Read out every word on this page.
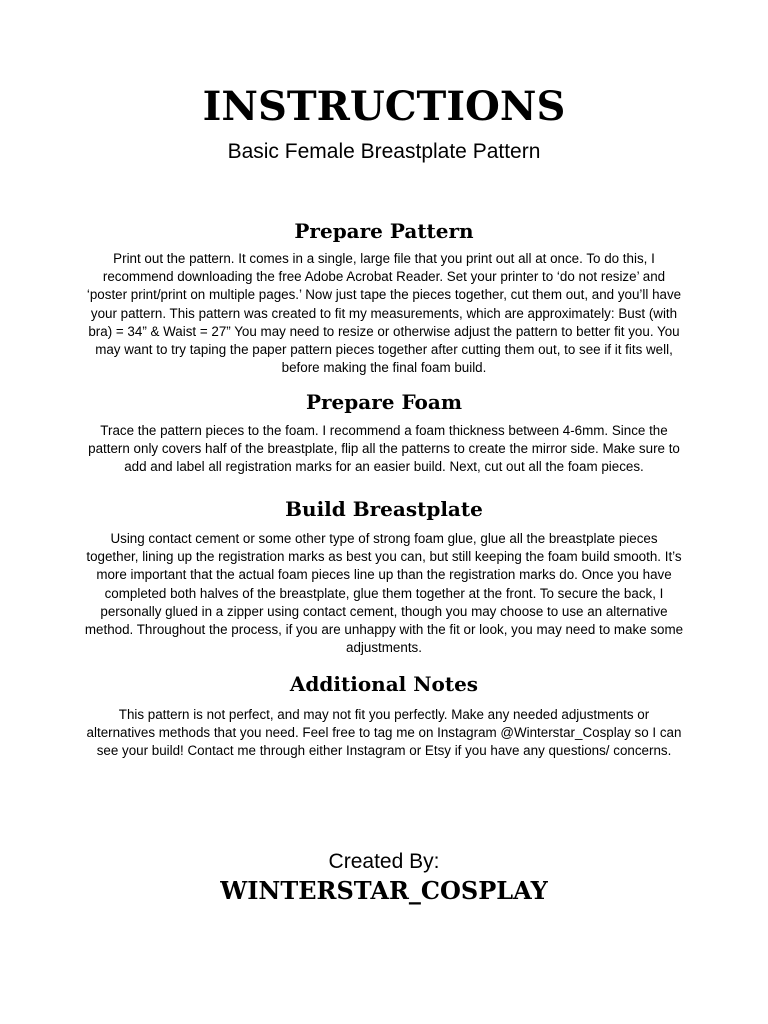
INSTRUCTIONS

Basic Female Breastplate Pattern

Prepare Pattern

Print out the pattern. It comes in a single, large file that you print out all at once. To do this, I recommend downloading the free Adobe Acrobat Reader. Set your printer to ‘do not resize’ and ‘poster print/print on multiple pages.’ Now just tape the pieces together, cut them out, and you’ll have your pattern. This pattern was created to fit my measurements, which are approximately: Bust (with bra) = 34” & Waist = 27” You may need to resize or otherwise adjust the pattern to better fit you. You may want to try taping the paper pattern pieces together after cutting them out, to see if it fits well, before making the final foam build.

Prepare Foam

Trace the pattern pieces to the foam. I recommend a foam thickness between 4-6mm. Since the pattern only covers half of the breastplate, flip all the patterns to create the mirror side. Make sure to add and label all registration marks for an easier build. Next, cut out all the foam pieces.

Build Breastplate

Using contact cement or some other type of strong foam glue, glue all the breastplate pieces together, lining up the registration marks as best you can, but still keeping the foam build smooth. It’s more important that the actual foam pieces line up than the registration marks do. Once you have completed both halves of the breastplate, glue them together at the front. To secure the back, I personally glued in a zipper using contact cement, though you may choose to use an alternative method. Throughout the process, if you are unhappy with the fit or look, you may need to make some adjustments.

Additional Notes

This pattern is not perfect, and may not fit you perfectly. Make any needed adjustments or alternatives methods that you need. Feel free to tag me on Instagram @Winterstar_Cosplay so I can see your build! Contact me through either Instagram or Etsy if you have any questions/ concerns.

Created By:

WINTERSTAR_COSPLAY
